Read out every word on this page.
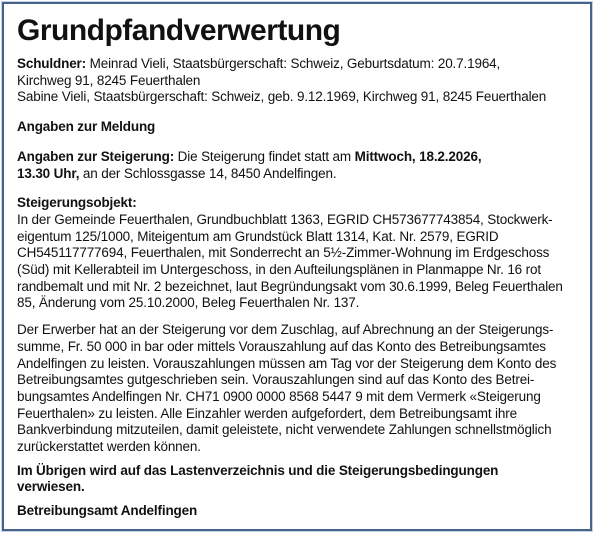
Grundpfandverwertung
Schuldner: Meinrad Vieli, Staatsbürgerschaft: Schweiz, Geburtsdatum: 20.7.1964,
Kirchweg 91, 8245 Feuerthalen
Sabine Vieli, Staatsbürgerschaft: Schweiz, geb. 9.12.1969, Kirchweg 91, 8245 Feuerthalen
Angaben zur Meldung
Angaben zur Steigerung: Die Steigerung findet statt am Mittwoch, 18.2.2026,
13.30 Uhr, an der Schlossgasse 14, 8450 Andelfingen.
Steigerungsobjekt:
In der Gemeinde Feuerthalen, Grundbuchblatt 1363, EGRID CH573677743854, Stockwerk-
eigentum 125/1000, Miteigentum am Grundstück Blatt 1314, Kat. Nr. 2579, EGRID
CH545117777694, Feuerthalen, mit Sonderrecht an 5½-Zimmer-Wohnung im Erdgeschoss
(Süd) mit Kellerabteil im Untergeschoss, in den Aufteilungsplänen in Planmappe Nr. 16 rot
randbemalt und mit Nr. 2 bezeichnet, laut Begründungsakt vom 30.6.1999, Beleg Feuerthalen
85, Änderung vom 25.10.2000, Beleg Feuerthalen Nr. 137.
Der Erwerber hat an der Steigerung vor dem Zuschlag, auf Abrechnung an der Steigerungs-
summe, Fr. 50 000 in bar oder mittels Vorauszahlung auf das Konto des Betreibungsamtes
Andelfingen zu leisten. Vorauszahlungen müssen am Tag vor der Steigerung dem Konto des
Betreibungsamtes gutgeschrieben sein. Vorauszahlungen sind auf das Konto des Betrei-
bungsamtes Andelfingen Nr. CH71 0900 0000 8568 5447 9 mit dem Vermerk «Steigerung
Feuerthalen» zu leisten. Alle Einzahler werden aufgefordert, dem Betreibungsamt ihre
Bankverbindung mitzuteilen, damit geleistete, nicht verwendete Zahlungen schnellstmöglich
zurückerstattet werden können.
Im Übrigen wird auf das Lastenverzeichnis und die Steigerungsbedingungen
verwiesen.
Betreibungsamt Andelfingen
